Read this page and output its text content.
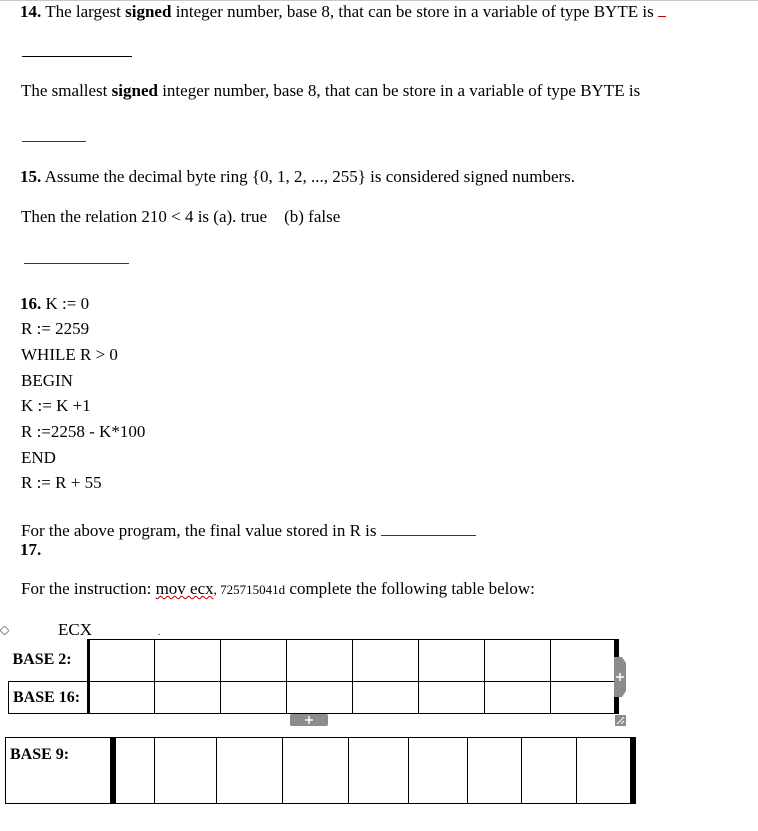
14. The largest signed integer number, base 8, that can be store in a variable of type BYTE is
The smallest signed integer number, base 8, that can be store in a variable of type BYTE is
15. Assume the decimal byte ring {0, 1, 2, ..., 255} is considered signed numbers.
Then the relation 210 < 4 is (a). true    (b) false
16. K := 0
R := 2259
WHILE R > 0
BEGIN
K := K +1
R :=2258 - K*100
END
R := R + 55
For the above program, the final value stored in R is
17.
For the instruction: mov ecx, 725715041d complete the following table below:
ECX	.
BASE 2:								
BASE 16:								
BASE 9:									
